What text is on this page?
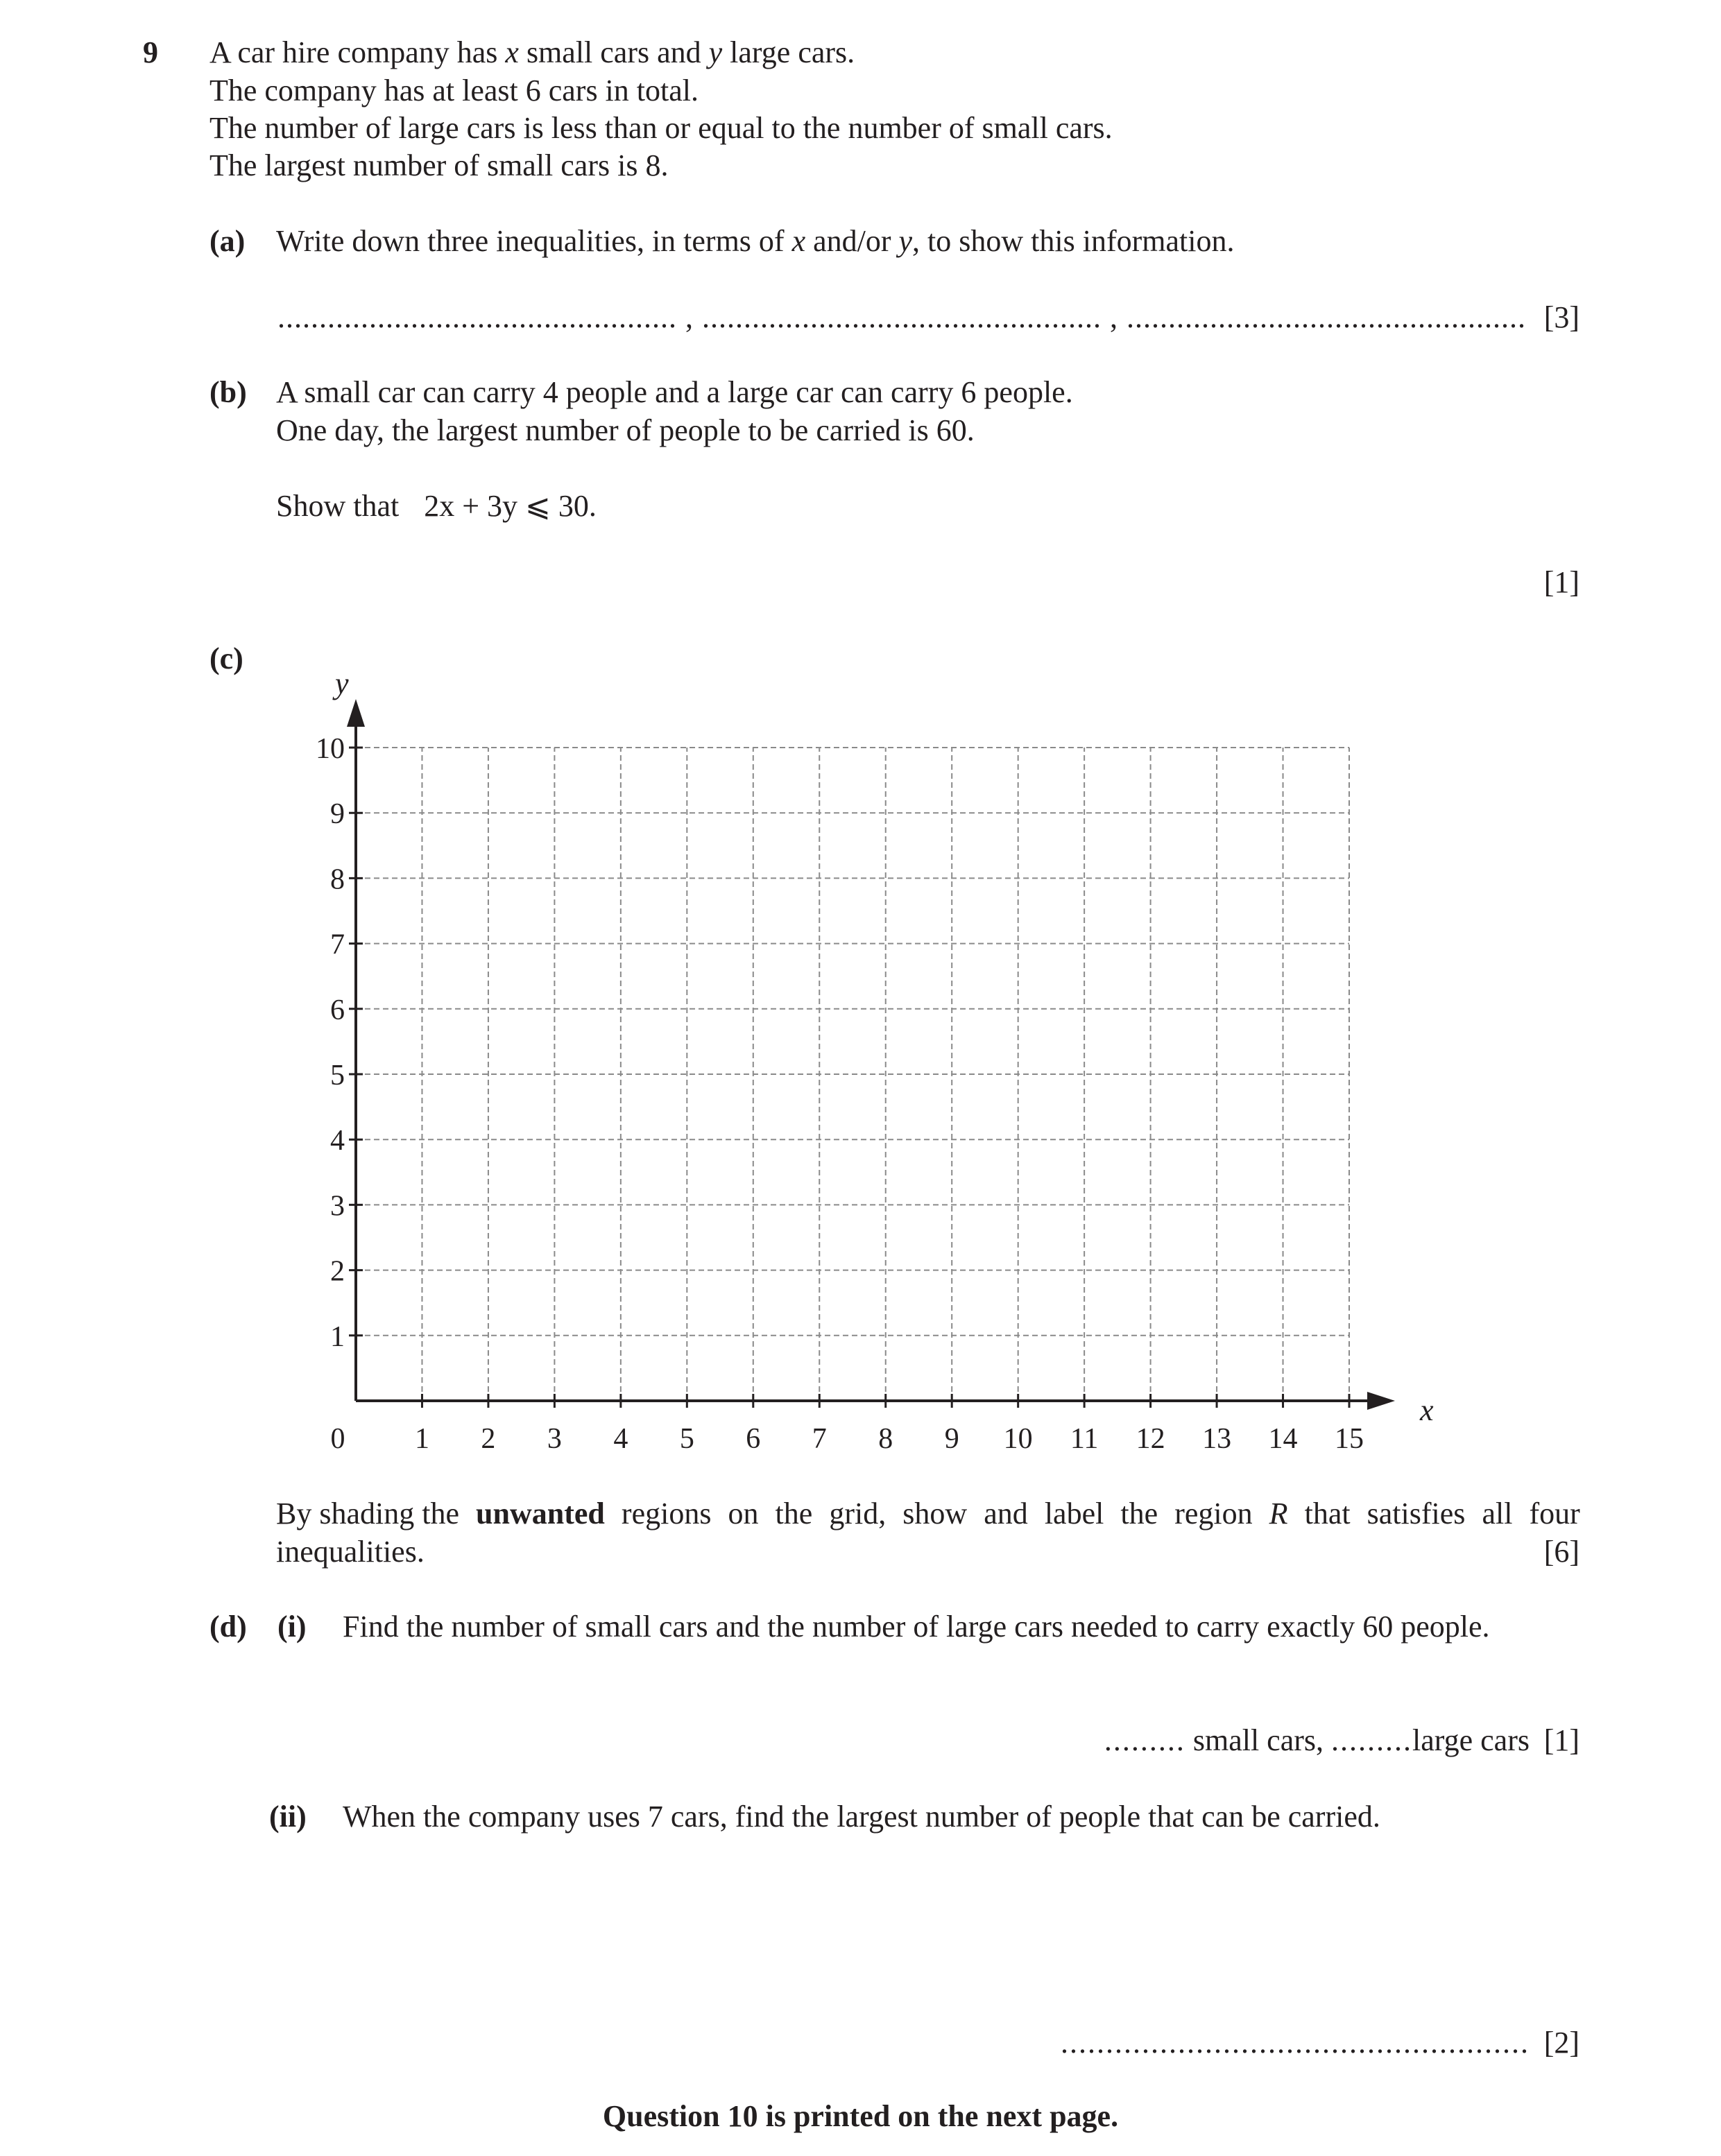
9 A car hire company has x small cars and y large cars.
The company has at least 6 cars in total.
The number of large cars is less than or equal to the number of small cars.
The largest number of small cars is 8.
(a) Write down three inequalities, in terms of x and/or y, to show this information.
................................................ , ................................................ , ................................................ [3]
(b) A small car can carry 4 people and a large car can carry 6 people.
One day, the largest number of people to be carried is 60.
Show that 2x + 3y ⩽ 30.
[1]
(c)
0 1 2 3 4 5 6 7 8 9 10 11 12 13 14 15
1
2
3
4
5
6
7
8
9
10
x
y
By shading the unwanted regions on the grid, show and label the region R that satisfies all four
inequalities.	[6]
(d) (i) Find the number of small cars and the number of large cars needed to carry exactly 60 people.
......... small cars, .........large cars [1]
(ii) When the company uses 7 cars, find the largest number of people that can be carried.
.................................................... [2]
Question 10 is printed on the next page.
